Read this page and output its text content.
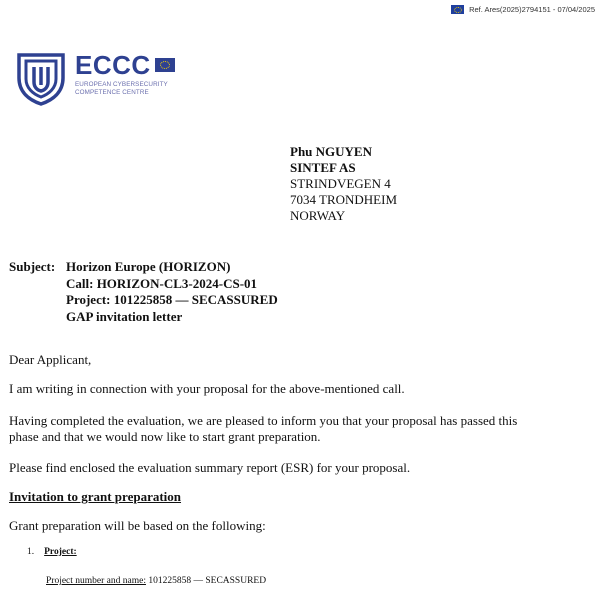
Ref. Ares(2025)2794151 - 07/04/2025
ECCC
EUROPEAN CYBERSECURITY
COMPETENCE CENTRE
Phu NGUYEN
SINTEF AS
STRINDVEGEN 4
7034 TRONDHEIM
NORWAY
Subject: Horizon Europe (HORIZON)
Call: HORIZON-CL3-2024-CS-01
Project: 101225858 — SECASSURED
GAP invitation letter
Dear Applicant,
I am writing in connection with your proposal for the above-mentioned call.
Having completed the evaluation, we are pleased to inform you that your proposal has passed this
phase and that we would now like to start grant preparation.
Please find enclosed the evaluation summary report (ESR) for your proposal.
Invitation to grant preparation
Grant preparation will be based on the following:
1. Project:
Project number and name: 101225858 — SECASSURED
